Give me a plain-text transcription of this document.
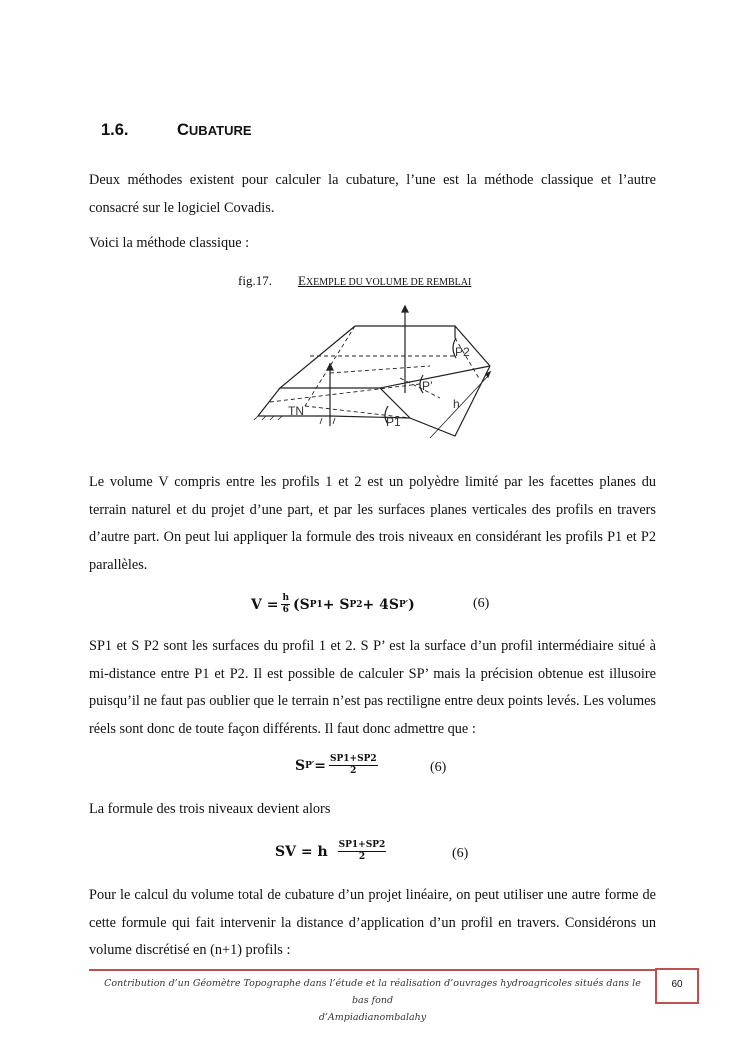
1.6.	CUBATURE
Deux méthodes existent pour calculer la cubature, l’une est la méthode classique et l’autre consacré sur le logiciel Covadis.
Voici la méthode classique :
fig.17. EXEMPLE DU VOLUME DE REMBLAI
P2
P’
P1
TN	h
Le volume V compris entre les profils 1 et 2 est un polyèdre limité par les facettes planes du terrain naturel et du projet d’une part, et par les surfaces planes verticales des profils en travers d’autre part. On peut lui appliquer la formule des trois niveaux en considérant les profils P1 et P2 parallèles.
$V = \frac{h}{6} (S$ P1 + S P2 + 4S P′ )	(6)
SP1 et S P2 sont les surfaces du profil 1 et 2. S P’ est la surface d’un profil intermédiaire situé à mi-distance entre P1 et P2. Il est possible de calculer SP’ mais la précision obtenue est illusoire puisqu’il ne faut pas oublier que le terrain n’est pas rectiligne entre deux points levés. Les volumes réels sont donc de toute façon différents. Il faut donc admettre que :
S $P' = \frac{SP1+SP2}{2}$	(6)
La formule des trois niveaux devient alors
SV = h $\frac{SP1+SP2}{2}$	(6)
Pour le calcul du volume total de cubature d’un projet linéaire, on peut utiliser une autre forme de cette formule qui fait intervenir la distance d’application d’un profil en travers. Considérons un volume discrétisé en (n+1) profils :
Contribution d’un Géomètre Topographe dans l’étude et la réalisation d’ouvrages hydroagricoles situés dans le bas fond
d’Ampiadianombalahy
60
